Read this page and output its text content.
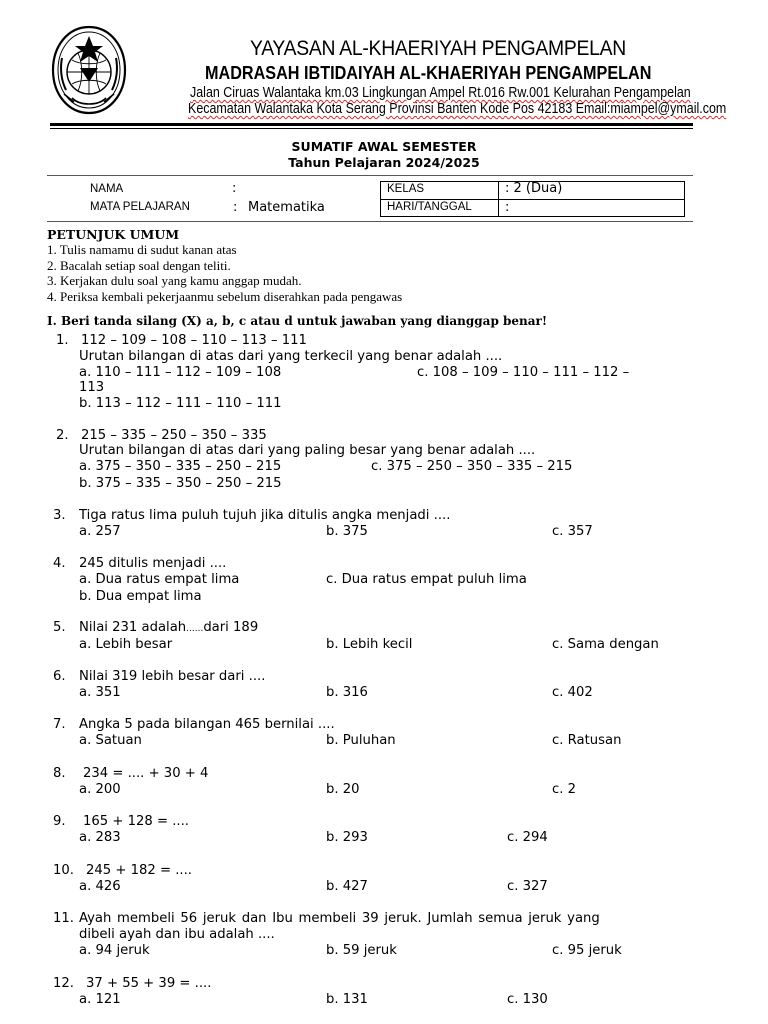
YAYASAN AL-KHAERIYAH PENGAMPELAN
MADRASAH IBTIDAIYAH AL-KHAERIYAH PENGAMPELAN
Jalan Ciruas Walantaka km.03 Lingkungan Ampel Rt.016 Rw.001 Kelurahan Pengampelan
Kecamatan Walantaka Kota Serang Provinsi Banten Kode Pos 42183 Email:miampel@ymail.com
SUMATIF AWAL SEMESTER
Tahun Pelajaran 2024/2025
NAMA	:
MATA PELAJARAN	: Matematika
KELAS	: 2 (Dua)
HARI/TANGGAL	:
PETUNJUK UMUM
1. Tulis namamu di sudut kanan atas
2. Bacalah setiap soal dengan teliti.
3. Kerjakan dulu soal yang kamu anggap mudah.
4. Periksa kembali pekerjaanmu sebelum diserahkan pada pengawas
I. Beri tanda silang (X) a, b, c atau d untuk jawaban yang dianggap benar!
1. 112 – 109 – 108 – 110 – 113 – 111
Urutan bilangan di atas dari yang terkecil yang benar adalah ....
a. 110 – 111 – 112 – 109 – 108	c. 108 – 109 – 110 – 111 – 112 –
113
b. 113 – 112 – 111 – 110 – 111
2. 215 – 335 – 250 – 350 – 335
Urutan bilangan di atas dari yang paling besar yang benar adalah ....
a. 375 – 350 – 335 – 250 – 215	c. 375 – 250 – 350 – 335 – 215
b. 375 – 335 – 350 – 250 – 215
3. Tiga ratus lima puluh tujuh jika ditulis angka menjadi ....
a. 257	b. 375	c. 357
4. 245 ditulis menjadi ....
a. Dua ratus empat lima	c. Dua ratus empat puluh lima
b. Dua empat lima
5. Nilai 231 adalah......dari 189
a. Lebih besar	b. Lebih kecil	c. Sama dengan
6. Nilai 319 lebih besar dari ....
a. 351	b. 316	c. 402
7. Angka 5 pada bilangan 465 bernilai ....
a. Satuan	b. Puluhan	c. Ratusan
8. 234 = .... + 30 + 4
a. 200	b. 20	c. 2
9. 165 + 128 = ....
a. 283	b. 293	c. 294
10. 245 + 182 = ....
a. 426	b. 427	c. 327
11. Ayah membeli 56 jeruk dan Ibu membeli 39 jeruk. Jumlah semua jeruk yang
dibeli ayah dan ibu adalah ....
a. 94 jeruk	b. 59 jeruk	c. 95 jeruk
12. 37 + 55 + 39 = ....
a. 121	b. 131	c. 130
